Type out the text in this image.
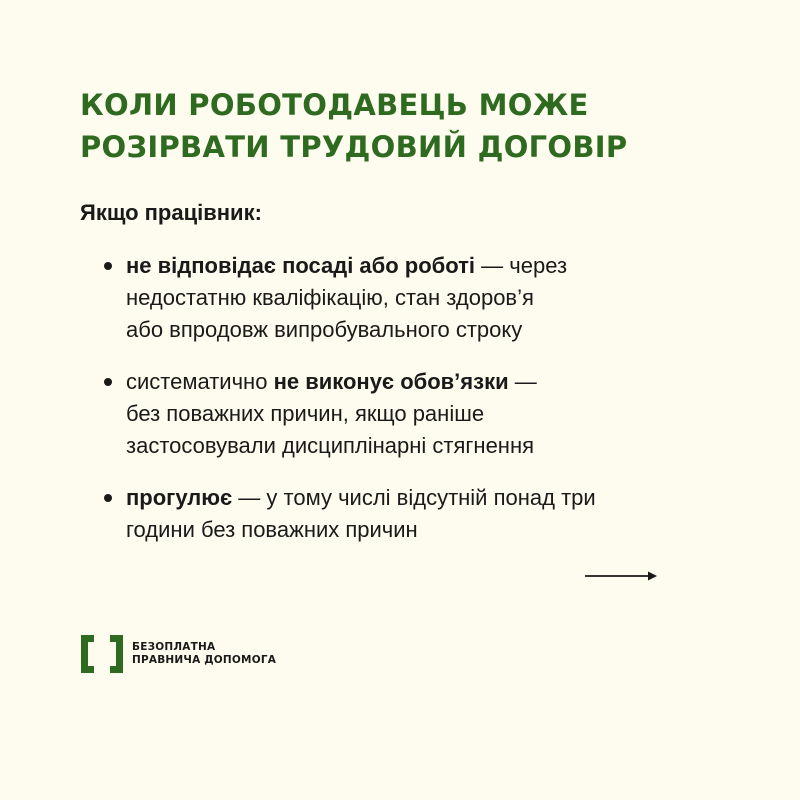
КОЛИ РОБОТОДАВЕЦЬ МОЖЕ
РОЗІРВАТИ ТРУДОВИЙ ДОГОВІР

Якщо працівник:

не відповідає посаді або роботі — через
недостатню кваліфікацію, стан здоров’я
або впродовж випробувального строку
систематично не виконує обов’язки —
без поважних причин, якщо раніше
застосовували дисциплінарні стягнення
прогулює — у тому числі відсутній понад три
години без поважних причин
БЕЗОПЛАТНА
ПРАВНИЧА ДОПОМОГА
